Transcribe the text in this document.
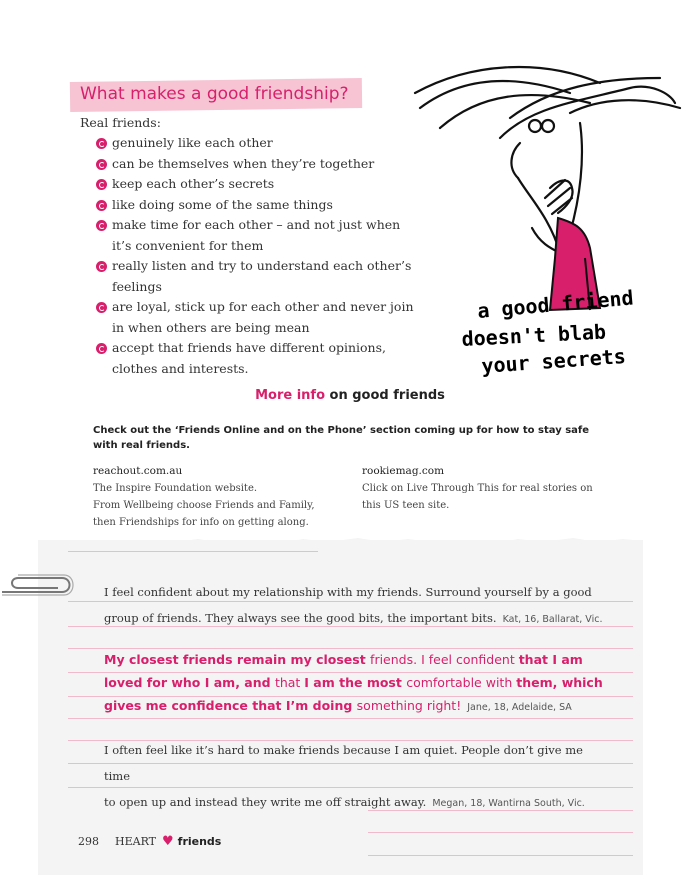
What makes a good friendship?
Real friends:
genuinely like each other
can be themselves when they’re together
keep each other’s secrets
like doing some of the same things
make time for each other – and not just when
it’s convenient for them
really listen and try to understand each other’s feelings
are loyal, stick up for each other and never join
in when others are being mean
accept that friends have different opinions,
clothes and interests.
a good friend
doesn't blab
your secrets
More info on good friends
Check out the ‘Friends Online and on the Phone’ section coming up for how to stay safe with real friends.
reachout.com.au
The Inspire Foundation website.
From Wellbeing choose Friends and Family,
then Friendships for info on getting along.
rookiemag.com
Click on Live Through This for real stories on
this US teen site.
I feel confident about my relationship with my friends. Surround yourself by a good
group of friends. They always see the good bits, the important bits. Kat, 16, Ballarat, Vic.
My closest friends remain my closest friends. I feel confident that I am
loved for who I am, and that I am the most comfortable with them, which
gives me confidence that I’m doing something right! Jane, 18, Adelaide, SA
I often feel like it’s hard to make friends because I am quiet. People don’t give me time
to open up and instead they write me off straight away. Megan, 18, Wantirna South, Vic.
298 HEART ♥ friends
